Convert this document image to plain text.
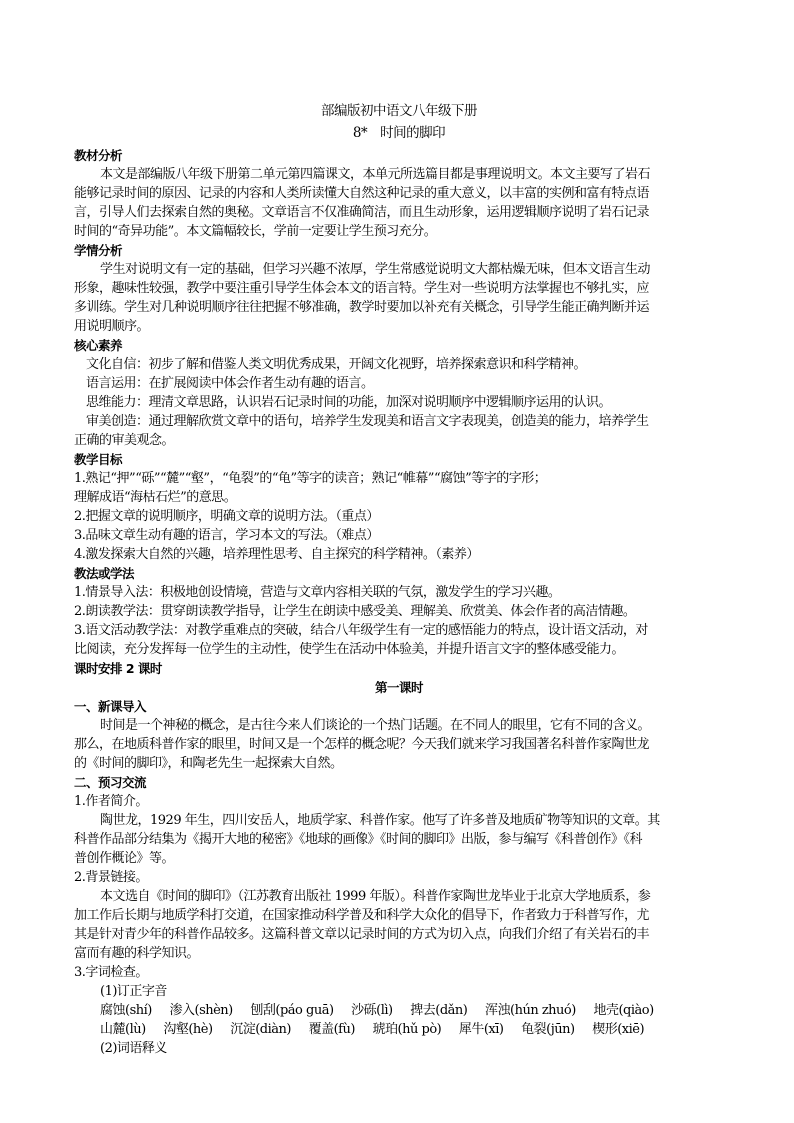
部编版初中语文八年级下册

8*　时间的脚印

教材分析

本文是部编版八年级下册第二单元第四篇课文，本单元所选篇目都是事理说明文。本文主要写了岩石

能够记录时间的原因、记录的内容和人类所读懂大自然这种记录的重大意义，以丰富的实例和富有特点语

言，引导人们去探索自然的奥秘。文章语言不仅准确简洁，而且生动形象，运用逻辑顺序说明了岩石记录

时间的“奇异功能”。本文篇幅较长，学前一定要让学生预习充分。

学情分析

学生对说明文有一定的基础，但学习兴趣不浓厚，学生常感觉说明文大都枯燥无味，但本文语言生动

形象，趣味性较强，教学中要注重引导学生体会本文的语言特。学生对一些说明方法掌握也不够扎实，应

多训练。学生对几种说明顺序往往把握不够准确，教学时要加以补充有关概念，引导学生能正确判断并运

用说明顺序。

核心素养

文化自信：初步了解和借鉴人类文明优秀成果，开阔文化视野，培养探索意识和科学精神。

语言运用：在扩展阅读中体会作者生动有趣的语言。

思维能力：理清文章思路，认识岩石记录时间的功能，加深对说明顺序中逻辑顺序运用的认识。

审美创造：通过理解欣赏文章中的语句，培养学生发现美和语言文字表现美，创造美的能力，培养学生

正确的审美观念。

教学目标

1.熟记“押”“砾”“麓”“壑”，“龟裂”的“龟”等字的读音；熟记“帷幕”“腐蚀”等字的字形；

理解成语“海枯石烂”的意思。

2.把握文章的说明顺序，明确文章的说明方法。（重点）

3.品味文章生动有趣的语言，学习本文的写法。（难点）

4.激发探索大自然的兴趣，培养理性思考、自主探究的科学精神。（素养）

教法或学法

1.情景导入法：积极地创设情境，营造与文章内容相关联的气氛，激发学生的学习兴趣。

2.朗读教学法：贯穿朗读教学指导，让学生在朗读中感受美、理解美、欣赏美、体会作者的高洁情趣。

3.语文活动教学法：对教学重难点的突破，结合八年级学生有一定的感悟能力的特点，设计语文活动，对

比阅读，充分发挥每一位学生的主动性，使学生在活动中体验美，并提升语言文字的整体感受能力。

课时安排 2 课时

第一课时

一、新课导入

时间是一个神秘的概念，是古往今来人们谈论的一个热门话题。在不同人的眼里，它有不同的含义。

那么，在地质科普作家的眼里，时间又是一个怎样的概念呢？今天我们就来学习我国著名科普作家陶世龙

的《时间的脚印》，和陶老先生一起探索大自然。

二、预习交流

1.作者简介。

陶世龙，1929 年生，四川安岳人，地质学家、科普作家。他写了许多普及地质矿物等知识的文章。其

科普作品部分结集为《揭开大地的秘密》《地球的画像》《时间的脚印》出版，参与编写《科普创作》《科

普创作概论》等。

2.背景链接。

本文选自《时间的脚印》（江苏教育出版社 1999 年版）。科普作家陶世龙毕业于北京大学地质系，参

加工作后长期与地质学科打交道，在国家推动科学普及和科学大众化的倡导下，作者致力于科普写作，尤

其是针对青少年的科普作品较多。这篇科普文章以记录时间的方式为切入点，向我们介绍了有关岩石的丰

富而有趣的科学知识。

3.字词检查。

(1)订正字音

腐蚀(shí) 渗入(shèn) 刨刮(páo guā) 沙砾(lì) 捭去(dǎn) 浑浊(hún zhuó) 地壳(qiào)

山麓(lù) 沟壑(hè) 沉淀(diàn) 覆盖(fù) 琥珀(hǔ pò) 犀牛(xī) 龟裂(jūn) 楔形(xiē)

(2)词语释义
